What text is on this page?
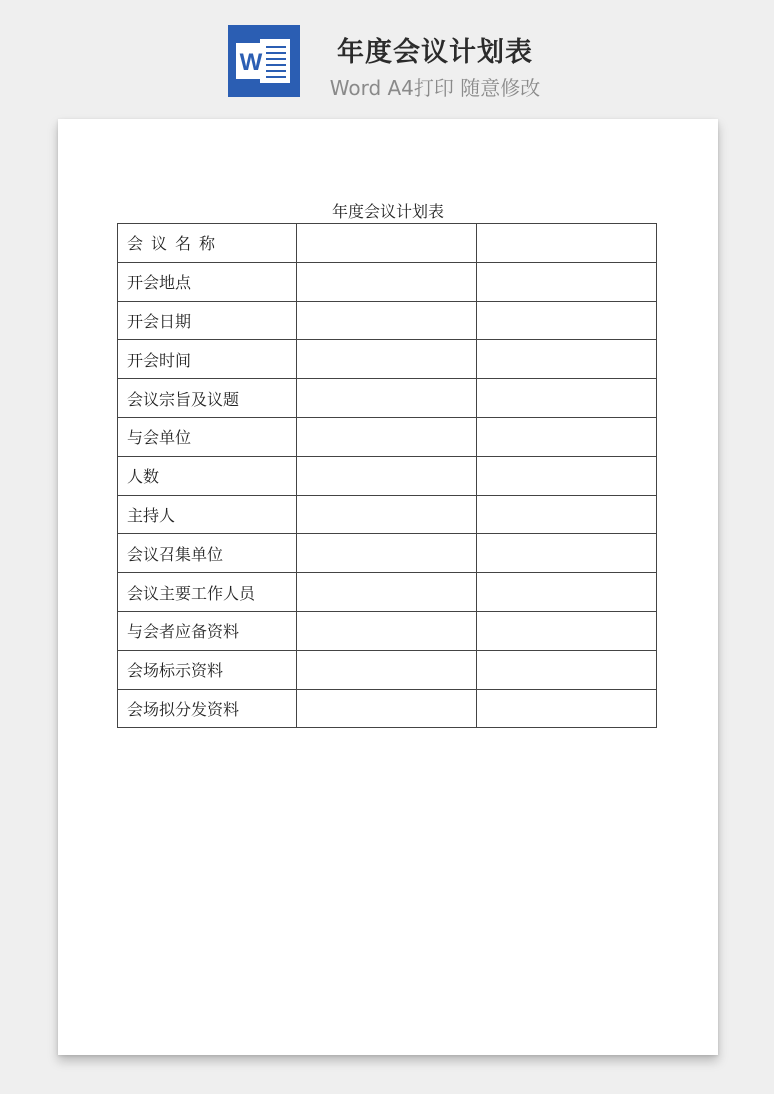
W	年度会议计划表
Word A4打印 随意修改
年度会议计划表
会议名称		
开会地点		
开会日期		
开会时间		
会议宗旨及议题		
与会单位		
人数		
主持人		
会议召集单位		
会议主要工作人员		
与会者应备资料		
会场标示资料		
会场拟分发资料		
